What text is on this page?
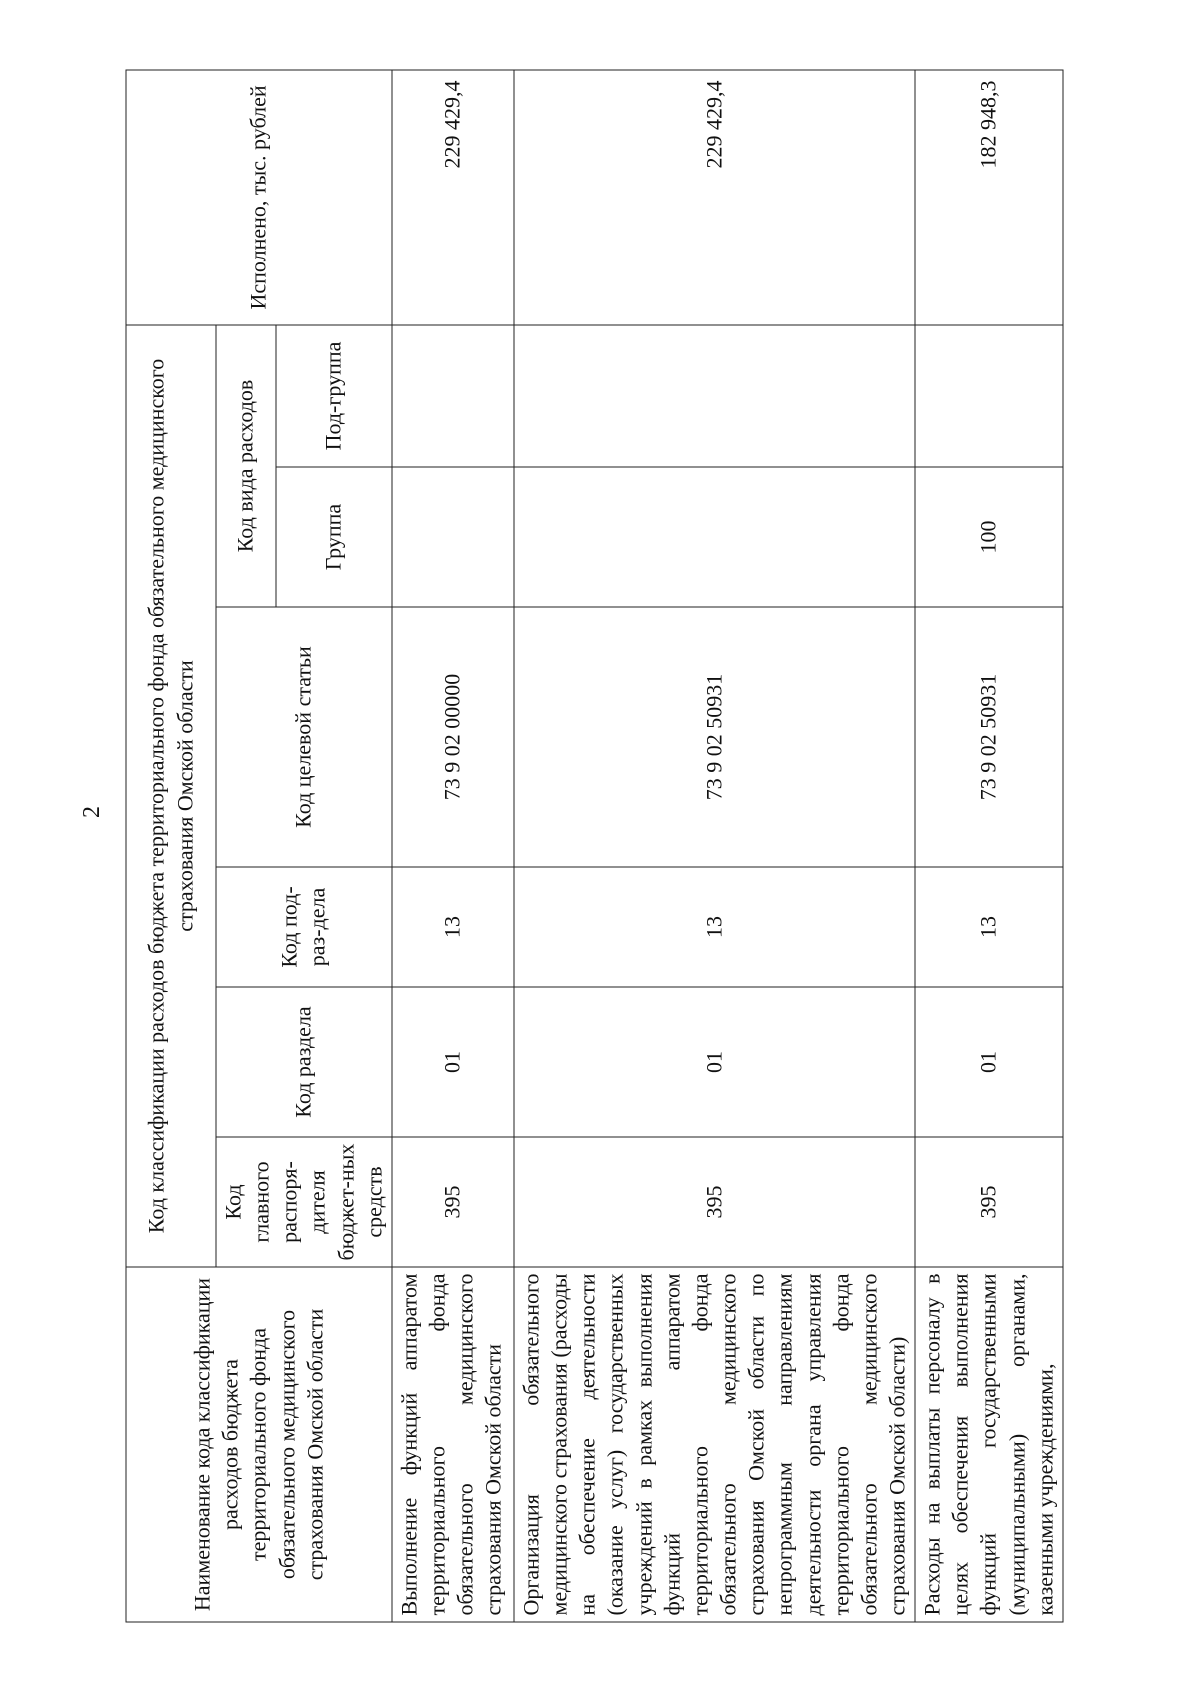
2
Наименование кода классификации расходов бюджета территориального фонда обязательного медицинского страхования Омской области	Код классификации расходов бюджета территориального фонда обязательного медицинского страхования Омской области						Исполнено, тыс. рублей
	Код главного распоря-дителя бюджет-ных средств	Код раздела	Код под-раз-дела	Код целевой статьи	Код вида расходов		
					Группа	Под-группа	
Выполнение функций аппаратом территориального фонда обязательного медицинского страхования Омской области	395	01	13	73 9 02 00000			229 429,4
Организация обязательного медицинского страхования (расходы на обеспечение деятельности (оказание услуг) государственных учреждений в рамках выполнения функций аппаратом территориального фонда обязательного медицинского страхования Омской области по непрограммным направлениям деятельности органа управления территориального фонда обязательного медицинского страхования Омской области)	395	01	13	73 9 02 50931			229 429,4
Расходы на выплаты персоналу в целях обеспечения выполнения функций государственными (муниципальными) органами, казенными учреждениями,	395	01	13	73 9 02 50931	100		182 948,3
